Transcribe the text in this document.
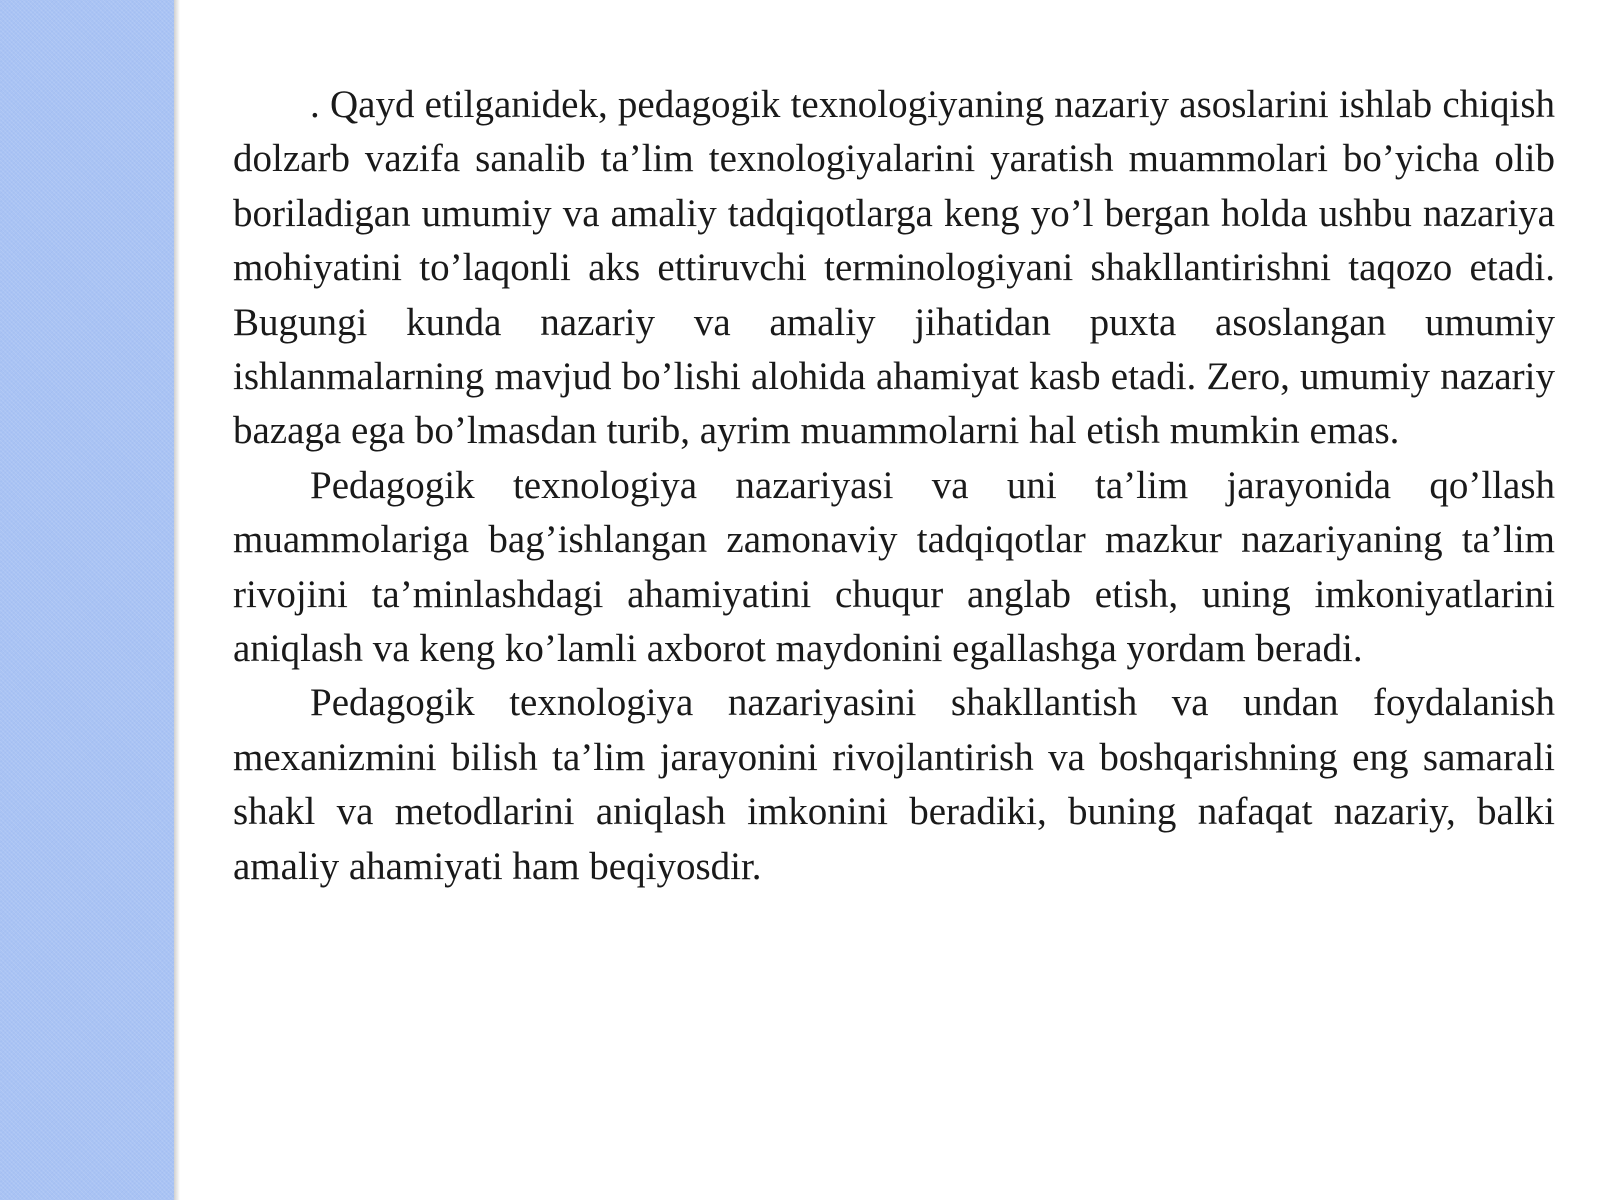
. Qayd etilganidek, pedagogik texnologiyaning nazariy asoslarini ishlab chiqish dolzarb vazifa sanalib ta’lim texnologiyalarini yaratish muammolari bo’yicha olib boriladigan umumiy va amaliy tadqiqotlarga keng yo’l bergan holda ushbu nazariya mohiyatini to’laqonli aks ettiruvchi terminologiyani shakllantirishni taqozo etadi. Bugungi kunda nazariy va amaliy jihatidan puxta asoslangan umumiy ishlanmalarning mavjud bo’lishi alohida ahamiyat kasb etadi. Zero, umumiy nazariy bazaga ega bo’lmasdan turib, ayrim muammolarni hal etish mumkin emas.

Pedagogik texnologiya nazariyasi va uni ta’lim jarayonida qo’llash muammolariga bag’ishlangan zamonaviy tadqiqotlar mazkur nazariyaning ta’lim rivojini ta’minlashdagi ahamiyatini chuqur anglab etish, uning imkoniyatlarini aniqlash va keng ko’lamli axborot maydonini egallashga yordam beradi.

Pedagogik texnologiya nazariyasini shakllantish va undan foydalanish mexanizmini bilish ta’lim jarayonini rivojlantirish va boshqarishning eng samarali shakl va metodlarini aniqlash imkonini beradiki, buning nafaqat nazariy, balki amaliy ahamiyati ham beqiyosdir.
